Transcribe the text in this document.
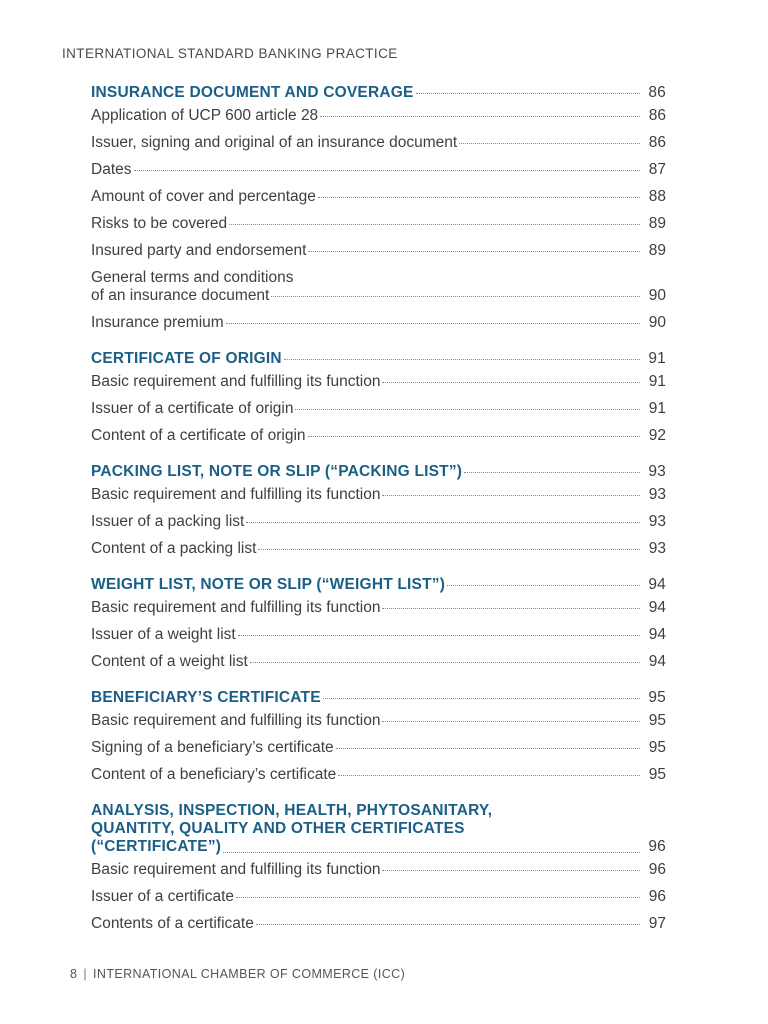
INTERNATIONAL STANDARD BANKING PRACTICE
INSURANCE DOCUMENT AND COVERAGE	86
Application of UCP 600 article 28	86
Issuer, signing and original of an insurance document	86
Dates	87
Amount of cover and percentage	88
Risks to be covered	89
Insured party and endorsement	89
General terms and conditions
of an insurance document	90
Insurance premium	90
CERTIFICATE OF ORIGIN	91
Basic requirement and fulfilling its function	91
Issuer of a certificate of origin	91
Content of a certificate of origin	92
PACKING LIST, NOTE OR SLIP (“PACKING LIST”)	93
Basic requirement and fulfilling its function	93
Issuer of a packing list	93
Content of a packing list	93
WEIGHT LIST, NOTE OR SLIP (“WEIGHT LIST”)	94
Basic requirement and fulfilling its function	94
Issuer of a weight list	94
Content of a weight list	94
BENEFICIARY’S CERTIFICATE	95
Basic requirement and fulfilling its function	95
Signing of a beneficiary’s certificate	95
Content of a beneficiary’s certificate	95
ANALYSIS, INSPECTION, HEALTH, PHYTOSANITARY,
QUANTITY, QUALITY AND OTHER CERTIFICATES
(“CERTIFICATE”)	96
Basic requirement and fulfilling its function	96
Issuer of a certificate	96
Contents of a certificate	97
8 | INTERNATIONAL CHAMBER OF COMMERCE (ICC)
